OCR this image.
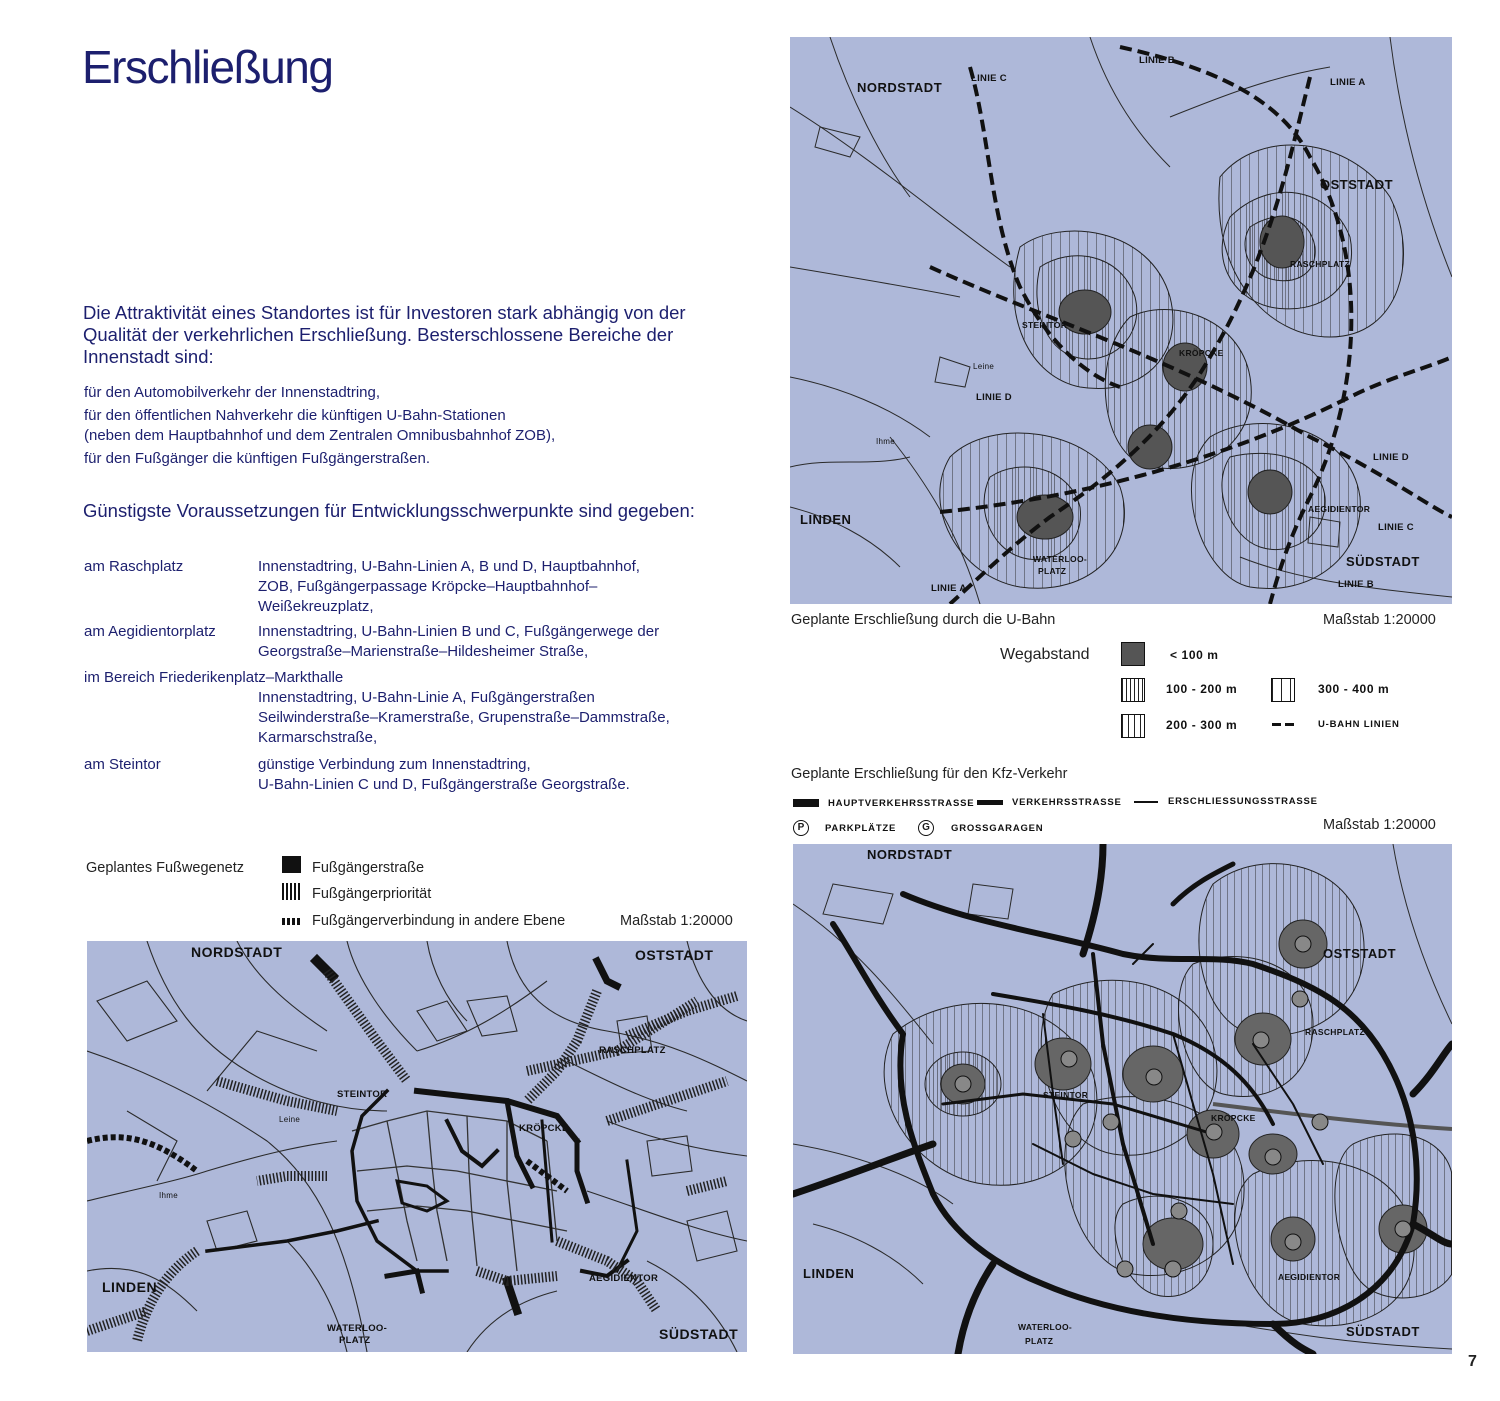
Erschließung
Die Attraktivität eines Standortes ist für Investoren stark abhängig von der Qualität der verkehrlichen Erschließung. Besterschlossene Bereiche der Innenstadt sind:
für den Automobilverkehr der Innenstadtring,
für den öffentlichen Nahverkehr die künftigen U-Bahn-Stationen
(neben dem Hauptbahnhof und dem Zentralen Omnibusbahnhof ZOB),
für den Fußgänger die künftigen Fußgängerstraßen.
Günstigste Voraussetzungen für Entwicklungsschwerpunkte sind gegeben:
am Raschplatz	Innenstadtring, U-Bahn-Linien A, B und D, Hauptbahnhof,
ZOB, Fußgängerpassage Kröpcke–Hauptbahnhof–
Weißekreuzplatz,
am Aegidientorplatz	Innenstadtring, U-Bahn-Linien B und C, Fußgängerwege der
Georgstraße–Marienstraße–Hildesheimer Straße,
im Bereich Friederikenplatz–Markthalle
Innenstadtring, U-Bahn-Linie A, Fußgängerstraßen
Seilwinderstraße–Kramerstraße, Grupenstraße–Dammstraße,
Karmarschstraße,
am Steintor	günstige Verbindung zum Innenstadtring,
U-Bahn-Linien C und D, Fußgängerstraße Georgstraße.
Geplantes Fußwegenetz	Fußgängerstraße
Fußgängerpriorität
Fußgängerverbindung in andere Ebene	Maßstab 1:20000
NORDSTADT	OSTSTADT
RASCHPLATZ
STEINTOR
KRÖPCKE
LINDEN
AEGIDIENTOR
WATERLOO-
PLATZ	SÜDSTADT
Leine
Ihme
NORDSTADT
LINIE C
LINIE B
LINIE A
OSTSTADT
RASCHPLATZ
STEINTOR
KRÖPCKE
LINIE D
LINIE D
LINDEN
AEGIDIENTOR
LINIE C
SÜDSTADT
LINIE B
LINIE A
WATERLOO-
PLATZ
Leine
Ihme
Geplante Erschließung durch die U-Bahn	Maßstab 1:20000
Wegabstand	< 100 m
100 - 200 m	300 - 400 m
200 - 300 m	U-BAHN LINIEN
Geplante Erschließung für den Kfz-Verkehr
HAUPTVERKEHRSSTRASSE	VERKEHRSSTRASSE	ERSCHLIESSUNGSSTRASSE
P	PARKPLÄTZE	G	GROSSGARAGEN	Maßstab 1:20000
NORDSTADT
OSTSTADT
RASCHPLATZ
STEINTOR
KRÖPCKE
LINDEN	AEGIDIENTOR
WATERLOO-
PLATZ
SÜDSTADT
7
